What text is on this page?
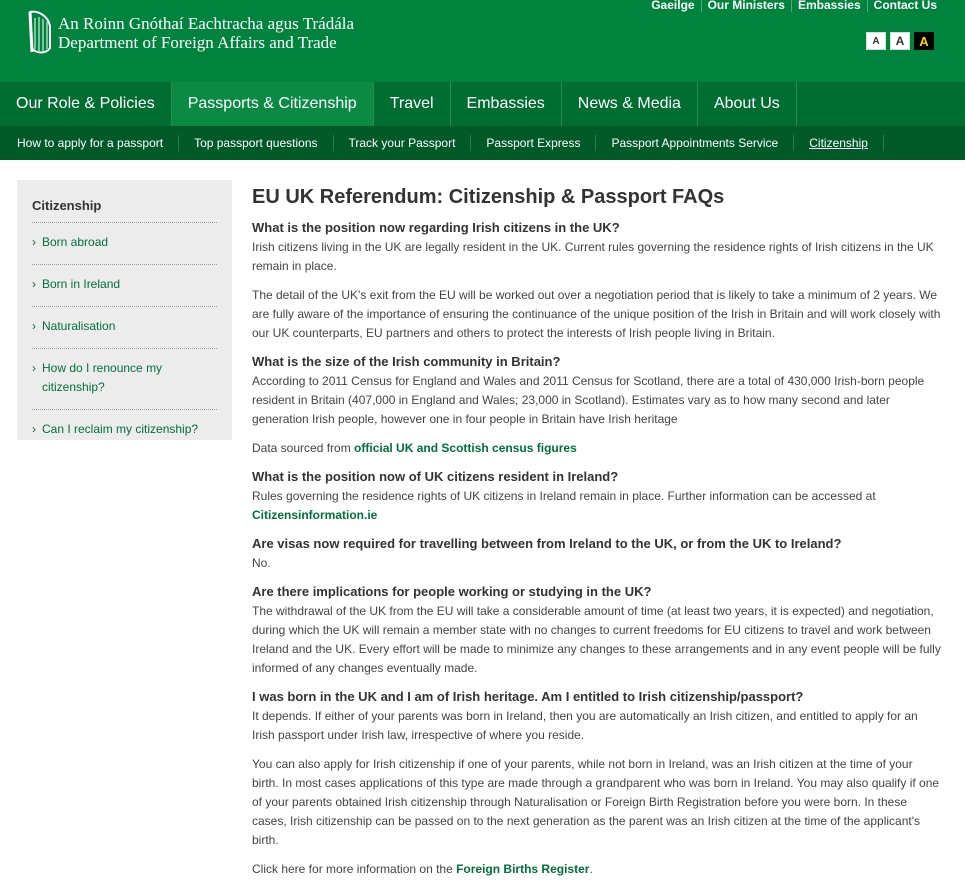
An Roinn Gnóthaí Eachtracha agus Trádála
Department of Foreign Affairs and Trade
Gaeilge	Our Ministers	Embassies	Contact Us
A	A	A
Our Role & Policies	Passports & Citizenship	Travel	Embassies	News & Media	About Us
How to apply for a passport	Top passport questions	Track your Passport	Passport Express	Passport Appointments Service	Citizenship
Citizenship
› Born abroad
› Born in Ireland
› Naturalisation
› How do I renounce my citizenship?
› Can I reclaim my citizenship?
EU UK Referendum: Citizenship & Passport FAQs
What is the position now regarding Irish citizens in the UK?

Irish citizens living in the UK are legally resident in the UK. Current rules governing the residence rights of Irish citizens in the UK remain in place.

The detail of the UK's exit from the EU will be worked out over a negotiation period that is likely to take a minimum of 2 years. We are fully aware of the importance of ensuring the continuance of the unique position of the Irish in Britain and will work closely with our UK counterparts, EU partners and others to protect the interests of Irish people living in Britain.

What is the size of the Irish community in Britain?

According to 2011 Census for England and Wales and 2011 Census for Scotland, there are a total of 430,000 Irish-born people resident in Britain (407,000 in England and Wales; 23,000 in Scotland). Estimates vary as to how many second and later generation Irish people, however one in four people in Britain have Irish heritage

Data sourced from official UK and Scottish census figures

What is the position now of UK citizens resident in Ireland?

Rules governing the residence rights of UK citizens in Ireland remain in place. Further information can be accessed at Citizensinformation.ie

Are visas now required for travelling between from Ireland to the UK, or from the UK to Ireland?

No.

Are there implications for people working or studying in the UK?

The withdrawal of the UK from the EU will take a considerable amount of time (at least two years, it is expected) and negotiation, during which the UK will remain a member state with no changes to current freedoms for EU citizens to travel and work between Ireland and the UK. Every effort will be made to minimize any changes to these arrangements and in any event people will be fully informed of any changes eventually made.

I was born in the UK and I am of Irish heritage. Am I entitled to Irish citizenship/passport?

It depends. If either of your parents was born in Ireland, then you are automatically an Irish citizen, and entitled to apply for an Irish passport under Irish law, irrespective of where you reside.

You can also apply for Irish citizenship if one of your parents, while not born in Ireland, was an Irish citizen at the time of your birth. In most cases applications of this type are made through a grandparent who was born in Ireland. You may also qualify if one of your parents obtained Irish citizenship through Naturalisation or Foreign Birth Registration before you were born. In these cases, Irish citizenship can be passed on to the next generation as the parent was an Irish citizen at the time of the applicant's birth.

Click here for more information on the Foreign Births Register.
